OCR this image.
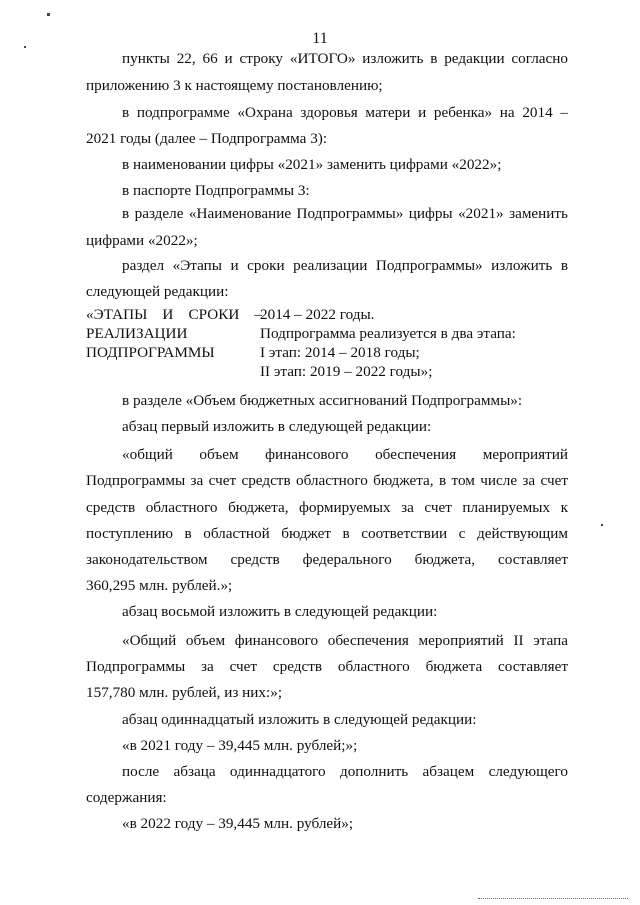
11
пункты 22, 66 и строку «ИТОГО» изложить в редакции согласно
приложению 3 к настоящему постановлению;
в подпрограмме «Охрана здоровья матери и ребенка» на 2014 –
2021 годы (далее – Подпрограмма 3):
в наименовании цифры «2021» заменить цифрами «2022»;
в паспорте Подпрограммы 3:
в разделе «Наименование Подпрограммы» цифры «2021» заменить
цифрами «2022»;
раздел «Этапы и сроки реализации Подпрограммы» изложить в
следующей редакции:
«ЭТАПЫ И СРОКИ –
РЕАЛИЗАЦИИ
ПОДПРОГРАММЫ
2014 – 2022 годы.
Подпрограмма реализуется в два этапа:
I этап: 2014 – 2018 годы;
II этап: 2019 – 2022 годы»;
в разделе «Объем бюджетных ассигнований Подпрограммы»:
абзац первый изложить в следующей редакции:
«общий объем финансового обеспечения мероприятий
Подпрограммы за счет средств областного бюджета, в том числе за счет
средств областного бюджета, формируемых за счет планируемых к
поступлению в областной бюджет в соответствии с действующим
законодательством средств федерального бюджета, составляет
360,295 млн. рублей.»;
абзац восьмой изложить в следующей редакции:
«Общий объем финансового обеспечения мероприятий II этапа
Подпрограммы за счет средств областного бюджета составляет
157,780 млн. рублей, из них:»;
абзац одиннадцатый изложить в следующей редакции:
«в 2021 году – 39,445 млн. рублей;»;
после абзаца одиннадцатого дополнить абзацем следующего
содержания:
«в 2022 году – 39,445 млн. рублей»;
